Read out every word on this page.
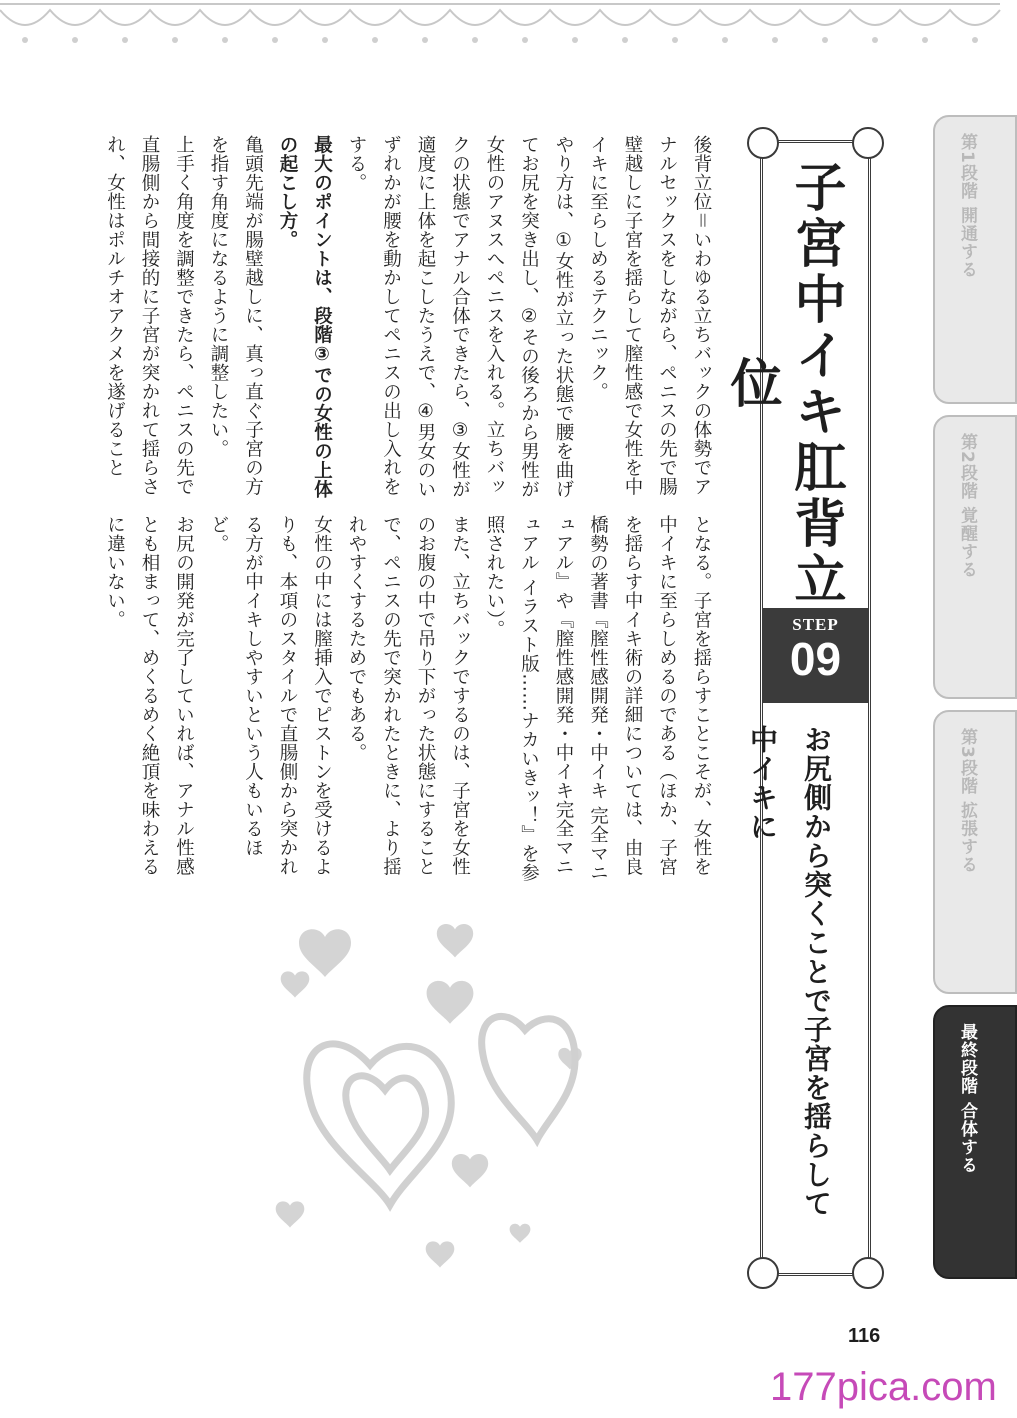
子宮中イキ肛背立位
STEP
09
お尻側から突くことで子宮を揺らして中イキに

後背立位＝いわゆる立ちバックの体勢でアナルセックスをしながら、ペニスの先で腸壁越しに子宮を揺らして膣性感で女性を中イキに至らしめるテクニック。

やり方は、①女性が立った状態で腰を曲げてお尻を突き出し、②その後ろから男性が女性のアヌスへペニスを入れる。立ちバックの状態でアナル合体できたら、③女性が適度に上体を起こしたうえで、④男女のいずれかが腰を動かしてペニスの出し入れをする。

最大のポイントは、段階③での女性の上体の起こし方。

亀頭先端が腸壁越しに、真っ直ぐ子宮の方を指す角度になるように調整したい。

上手く角度を調整できたら、ペニスの先で直腸側から間接的に子宮が突かれて揺らされ、女性はポルチオアクメを遂げること

となる。子宮を揺らすことこそが、女性を中イキに至らしめるのである（ほか、子宮を揺らす中イキ術の詳細については、由良橋勢の著書『膣性感開発・中イキ 完全マニュアル』や『膣性感開発・中イキ完全マニュアル イラスト版……ナカいきッ！』を参照されたい）。

また、立ちバックでするのは、子宮を女性のお腹の中で吊り下がった状態にすることで、ペニスの先で突かれたときに、より揺れやすくするためでもある。

女性の中には膣挿入でピストンを受けるよりも、本項のスタイルで直腸側から突かれる方が中イキしやすいという人もいるほど。

お尻の開発が完了していれば、アナル性感とも相まって、めくるめく絶頂を味わえるに違いない。

第1段階 開通する
第2段階 覚醒する
第3段階 拡張する
最終段階 合体する
116
177pica.com
